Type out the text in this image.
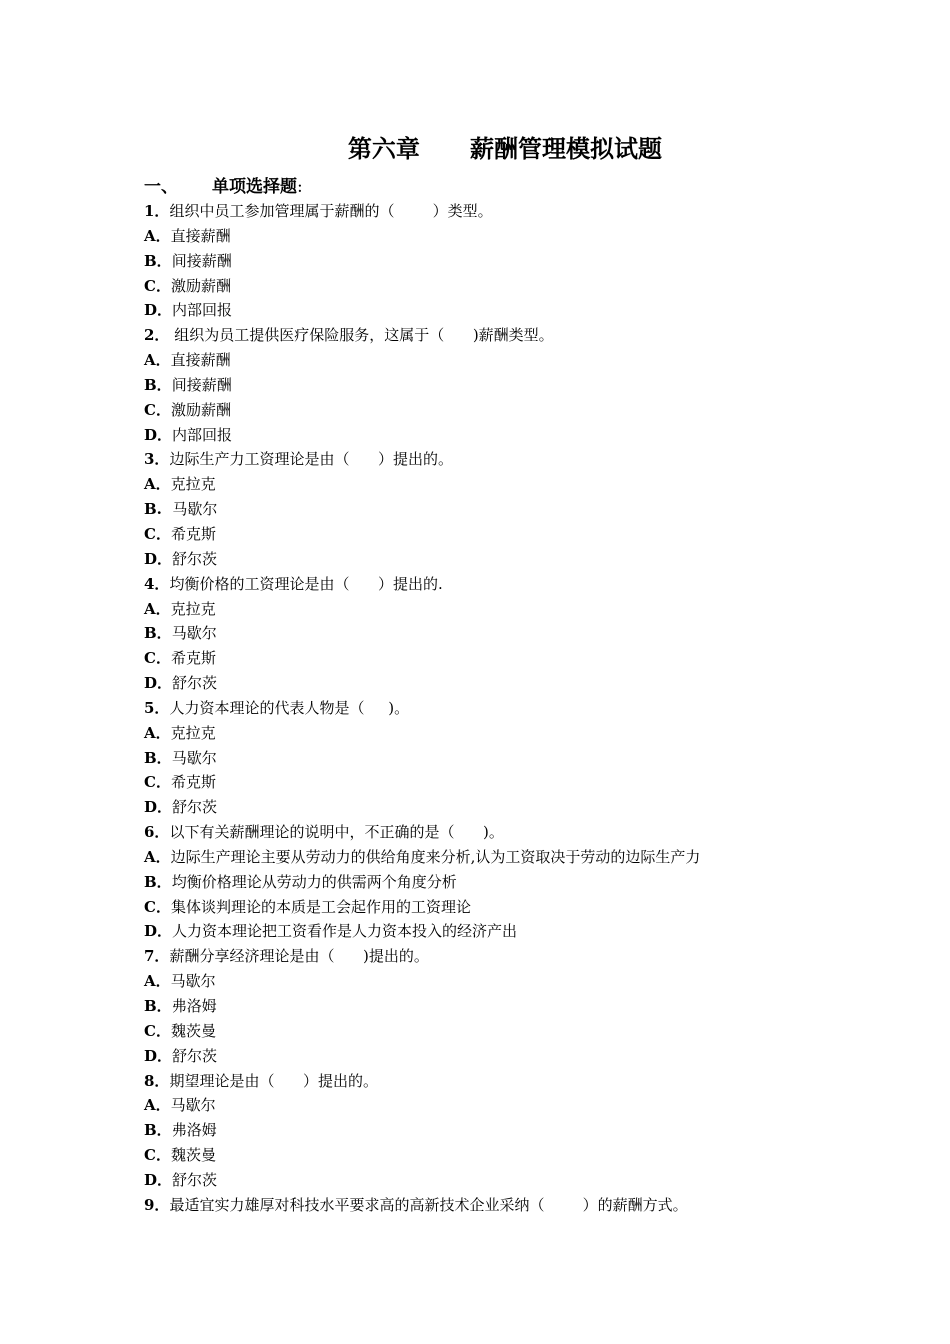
第六章      薪酬管理模拟试题
一、 单项选择题:
1．组织中员工参加管理属于薪酬的（        ）类型。
A．直接薪酬
B．间接薪酬
C．激励薪酬
D．内部回报
2． 组织为员工提供医疗保险服务，这属于（      )薪酬类型。
A．直接薪酬
B．间接薪酬
C．激励薪酬
D．内部回报
3．边际生产力工资理论是由（      ）提出的。
A．克拉克
B.  马歇尔
C．希克斯
D．舒尔茨
4．均衡价格的工资理论是由（      ）提出的.
A．克拉克
B．马歇尔
C．希克斯
D．舒尔茨
5．人力资本理论的代表人物是（     )。
A．克拉克
B．马歇尔
C．希克斯
D．舒尔茨
6．以下有关薪酬理论的说明中，不正确的是（      )。
A．边际生产理论主要从劳动力的供给角度来分析,认为工资取决于劳动的边际生产力
B．均衡价格理论从劳动力的供需两个角度分析
C．集体谈判理论的本质是工会起作用的工资理论
D．人力资本理论把工资看作是人力资本投入的经济产出
7．薪酬分享经济理论是由（      )提出的。
A．马歇尔
B．弗洛姆
C．魏茨曼
D．舒尔茨
8．期望理论是由（      ）提出的。
A．马歇尔
B．弗洛姆
C．魏茨曼
D．舒尔茨
9．最适宜实力雄厚对科技水平要求高的高新技术企业采纳（        ）的薪酬方式。
